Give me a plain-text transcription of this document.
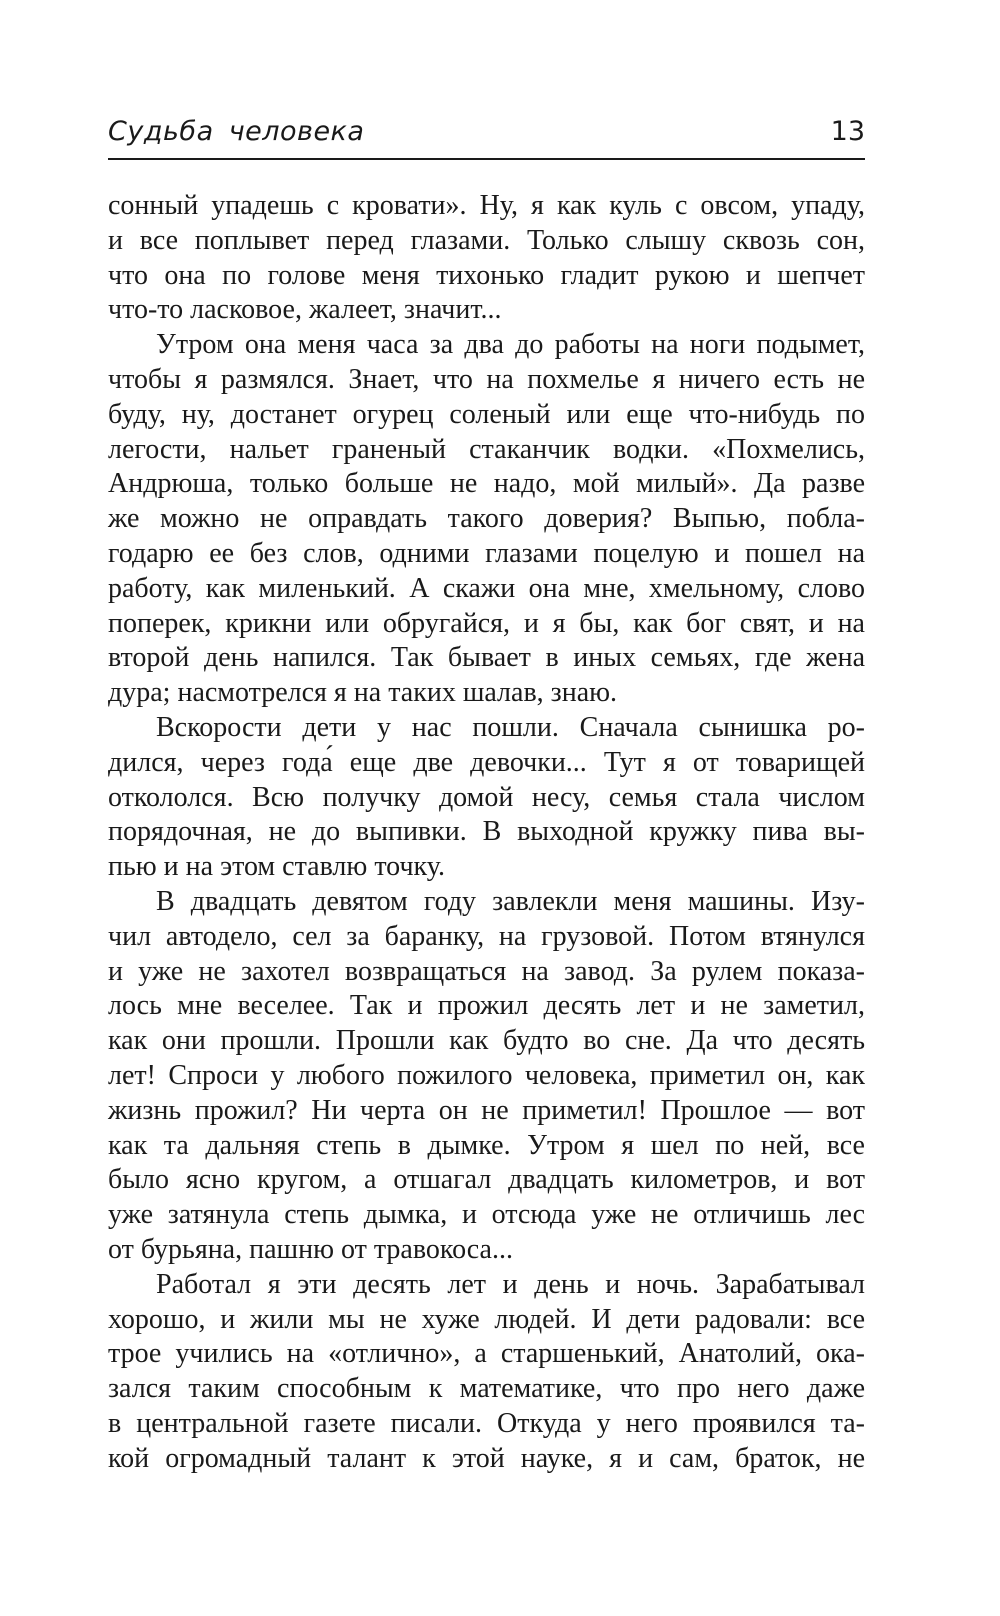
Судьба человека	13
сонный упадешь с кровати». Ну, я как куль с овсом, упаду,
и все поплывет перед глазами. Только слышу сквозь сон,
что она по голове меня тихонько гладит рукою и шепчет
что-то ласковое, жалеет, значит...
Утром она меня часа за два до работы на ноги подымет,
чтобы я размялся. Знает, что на похмелье я ничего есть не
буду, ну, достанет огурец соленый или еще что-нибудь по
легости, нальет граненый стаканчик водки. «Похмелись,
Андрюша, только больше не надо, мой милый». Да разве
же можно не оправдать такого доверия? Выпью, побла-
годарю ее без слов, одними глазами поцелую и пошел на
работу, как миленький. А скажи она мне, хмельному, слово
поперек, крикни или обругайся, и я бы, как бог свят, и на
второй день напился. Так бывает в иных семьях, где жена
дура; насмотрелся я на таких шалав, знаю.
Вскорости дети у нас пошли. Сначала сынишка ро-
дился, через года́ еще две девочки... Тут я от товарищей
откололся. Всю получку домой несу, семья стала числом
порядочная, не до выпивки. В выходной кружку пива вы-
пью и на этом ставлю точку.
В двадцать девятом году завлекли меня машины. Изу-
чил автодело, сел за баранку, на грузовой. Потом втянулся
и уже не захотел возвращаться на завод. За рулем показа-
лось мне веселее. Так и прожил десять лет и не заметил,
как они прошли. Прошли как будто во сне. Да что десять
лет! Спроси у любого пожилого человека, приметил он, как
жизнь прожил? Ни черта он не приметил! Прошлое — вот
как та дальняя степь в дымке. Утром я шел по ней, все
было ясно кругом, а отшагал двадцать километров, и вот
уже затянула степь дымка, и отсюда уже не отличишь лес
от бурьяна, пашню от травокоса...
Работал я эти десять лет и день и ночь. Зарабатывал
хорошо, и жили мы не хуже людей. И дети радовали: все
трое учились на «отлично», а старшенький, Анатолий, ока-
зался таким способным к математике, что про него даже
в центральной газете писали. Откуда у него проявился та-
кой огромадный талант к этой науке, я и сам, браток, не
